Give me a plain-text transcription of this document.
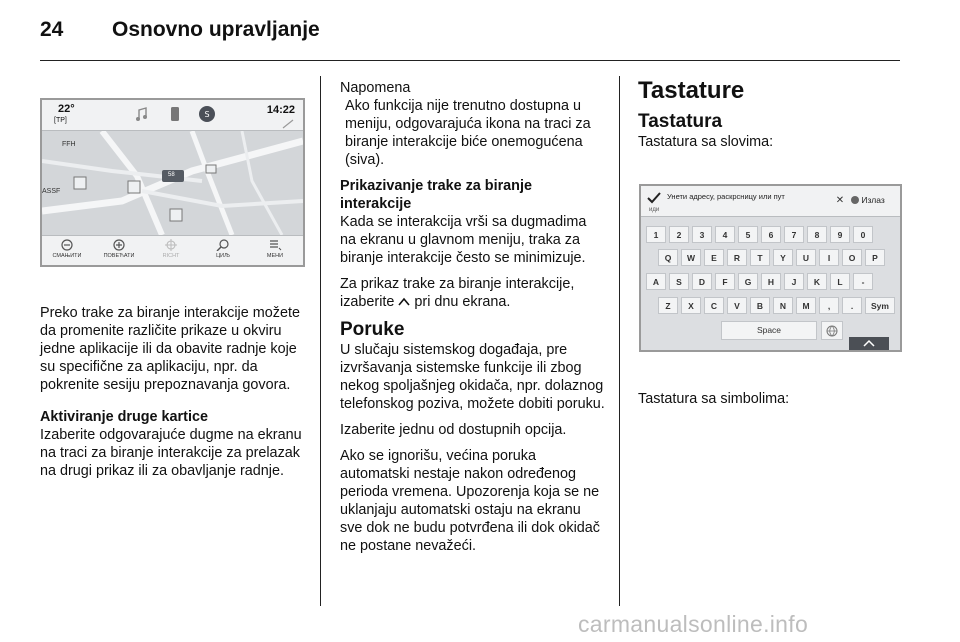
24 Osnovno upravljanje
22°
[TP]
14:22
S
FFH
ASSF
58
СМАЊИТИ	ПОВЕЋАТИ	RICHT	ЦИЉ	МЕНИ

Preko trake za biranje interakcije možete da promenite različite prikaze u okviru jedne aplikacije ili da obavite radnje koje su specifične za aplikaciju, npr. da pokrenite sesiju prepoznavanja govora.

Aktiviranje druge kartice

Izaberite odgovarajuće dugme na ekranu na traci za biranje interakcije za prelazak na drugi prikaz ili za obavljanje radnje.

Napomena

Ako funkcija nije trenutno dostupna u meniju, odgovarajuća ikona na traci za biranje interakcije biće onemogućena (siva).

Prikazivanje trake za biranje interakcije

Kada se interakcija vrši sa dugmadima na ekranu u glavnom meniju, traka za biranje interakcije često se minimizuje.

Za prikaz trake za biranje interakcije, izaberite pri dnu ekrana.

Poruke

U slučaju sistemskog događaja, pre izvršavanja sistemske funkcije ili zbog nekog spoljašnjeg okidača, npr. dolaznog telefonskog poziva, možete dobiti poruku.

Izaberite jednu od dostupnih opcija.

Ako se ignorišu, većina poruka automatski nestaje nakon određenog perioda vremena. Upozorenja koja se ne uklanjaju automatski ostaju na ekranu sve dok ne budu potvrđena ili dok okidač ne postane nevažeći.

Tastature

Tastatura

Tastatura sa slovima:

Tastatura sa simbolima:

Унети адресу, раскрсницу или пут
иди
✕	Излаз
1	2	3	4	5	6	7	8	9	0
Q	W	E	R	T	Y	U	I	O	P
A	S	D	F	G	H	J	K	L	-
Z	X	C	V	B	N	M	,	.	Sym
Space
carmanualsonline.info
